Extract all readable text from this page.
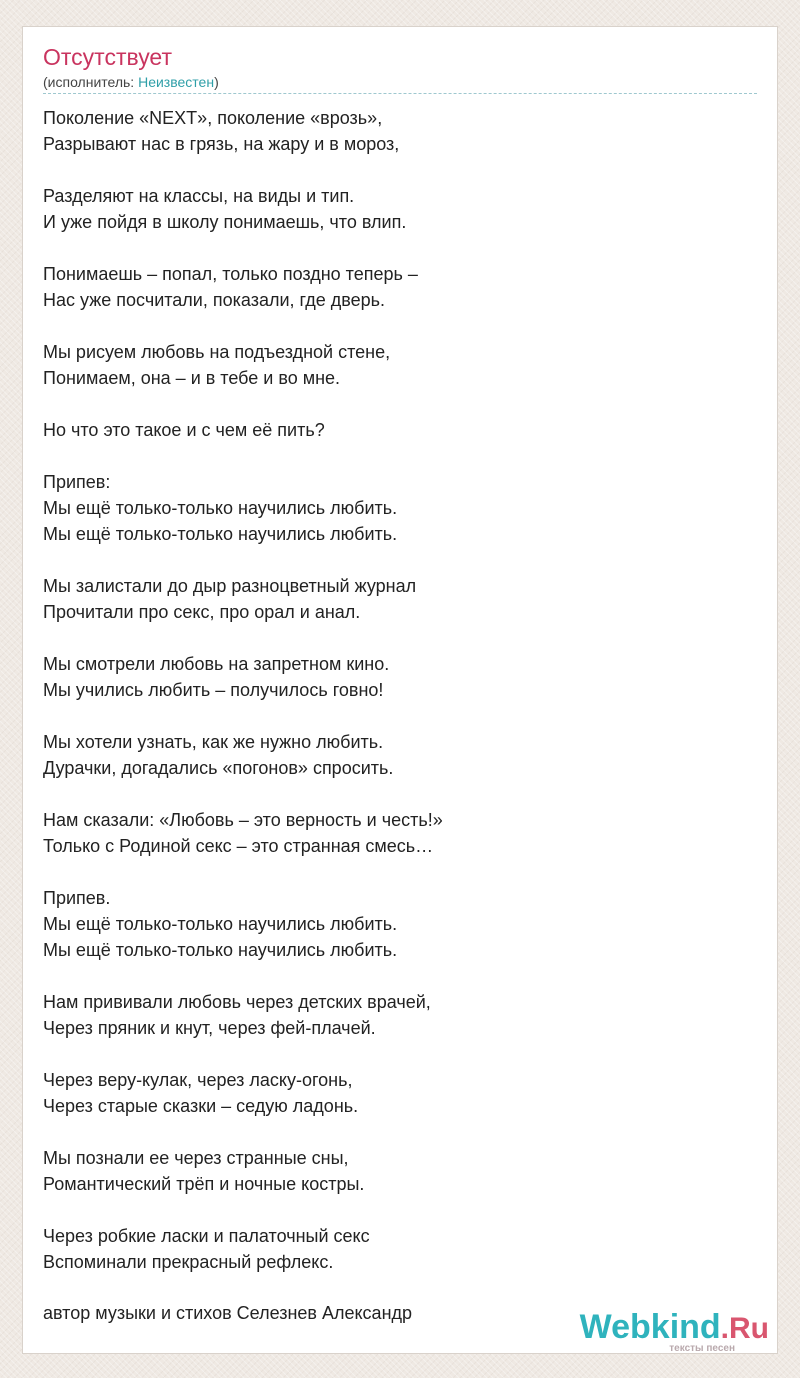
Отсутствует
(исполнитель: Неизвестен)
Поколение «NEXT», поколение «врозь»,
Разрывают нас в грязь, на жару и в мороз,
Разделяют на классы, на виды и тип.
И уже пойдя в школу понимаешь, что влип.
Понимаешь – попал, только поздно теперь –
Нас уже посчитали, показали, где дверь.
Мы рисуем любовь на подъездной стене,
Понимаем, она – и в тебе и во мне.
Но что это такое и с чем её пить?
Припев:
Мы ещё только-только научились любить.
Мы ещё только-только научились любить.
Мы залистали до дыр разноцветный журнал
Прочитали про секс, про орал и анал.
Мы смотрели любовь на запретном кино.
Мы учились любить – получилось говно!
Мы хотели узнать, как же нужно любить.
Дурачки, догадались «погонов» спросить.
Нам сказали: «Любовь – это верность и честь!»
Только с Родиной секс – это странная смесь…
Припев.
Мы ещё только-только научились любить.
Мы ещё только-только научились любить.
Нам прививали любовь через детских врачей,
Через пряник и кнут, через фей-плачей.
Через веру-кулак, через ласку-огонь,
Через старые сказки – седую ладонь.
Мы познали ее через странные сны,
Романтический трёп и ночные костры.
Через робкие ласки и палаточный секс
Вспоминали прекрасный рефлекс.
автор музыки и стихов Селезнев Александр	Webkind.Ru
тексты песен
